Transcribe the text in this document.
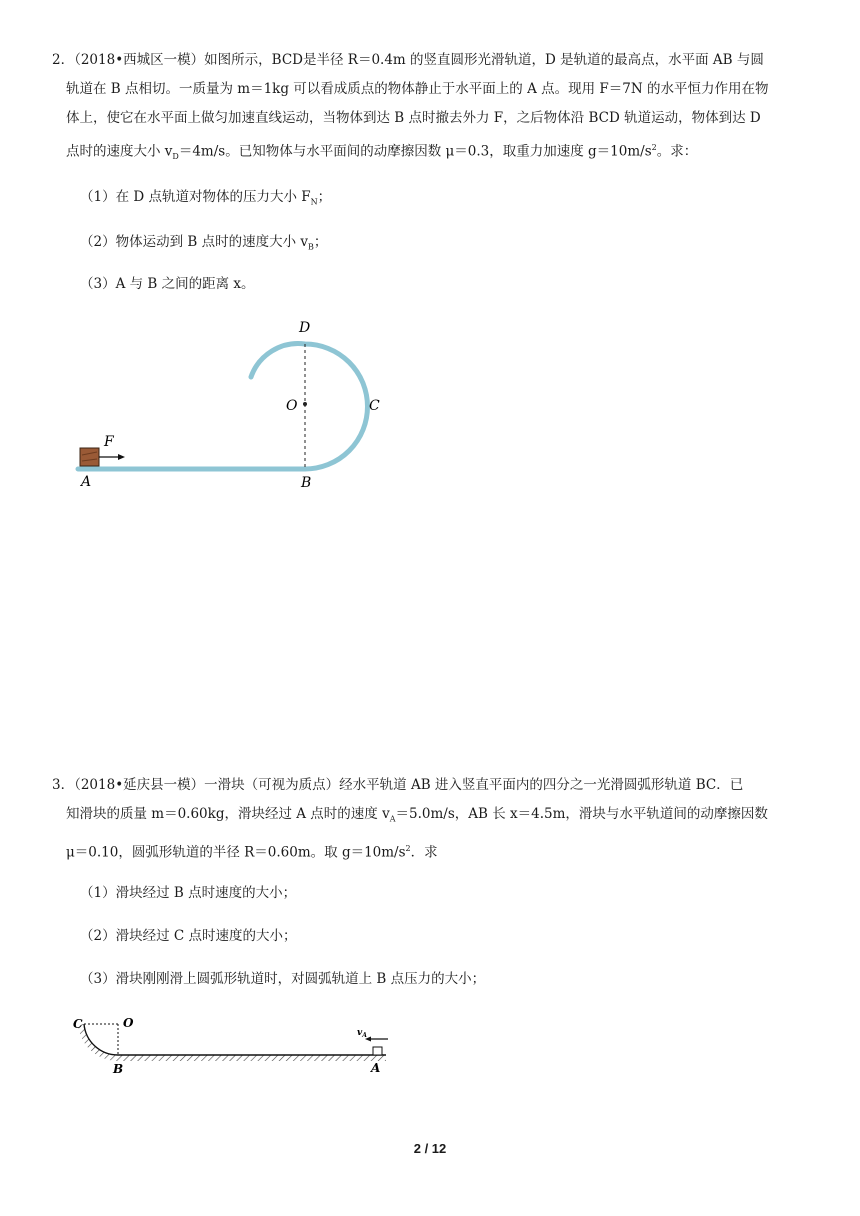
2．（2018•西城区一模）如图所示，BCD是半径 R＝0.4m 的竖直圆形光滑轨道，D 是轨道的最高点，水平面 AB 与圆

轨道在 B 点相切。一质量为 m＝1kg 可以看成质点的物体静止于水平面上的 A 点。现用 F＝7N 的水平恒力作用在物
体上，使它在水平面上做匀加速直线运动，当物体到达 B 点时撤去外力 F，之后物体沿 BCD 轨道运动，物体到达 D
点时的速度大小 $v_D=4m/s$。已知物体与水平面间的动摩擦因数 μ＝0.3，取重力加速度 $g=10m/s^2$。求：

（1）在 D 点轨道对物体的压力大小 $F_N$；

（2）物体运动到 B 点时的速度大小 $v_B$；

（3）A 与 B 之间的距离 x。

D
O	C
F
A	B
3．（2018•延庆县一模）一滑块（可视为质点）经水平轨道 AB 进入竖直平面内的四分之一光滑圆弧形轨道 BC．已

知滑块的质量 m＝0.60kg，滑块经过 A 点时的速度 $v_A=5.0m/s$，AB 长 x＝4.5m，滑块与水平轨道间的动摩擦因数
μ＝0.10，圆弧形轨道的半径 R＝0.60m。取 $g=10m/s^2$．求

（1）滑块经过 B 点时速度的大小；

（2）滑块经过 C 点时速度的大小；

（3）滑块刚刚滑上圆弧形轨道时，对圆弧轨道上 B 点压力的大小；

C	O
B	A
$v_A$
2 / 12
